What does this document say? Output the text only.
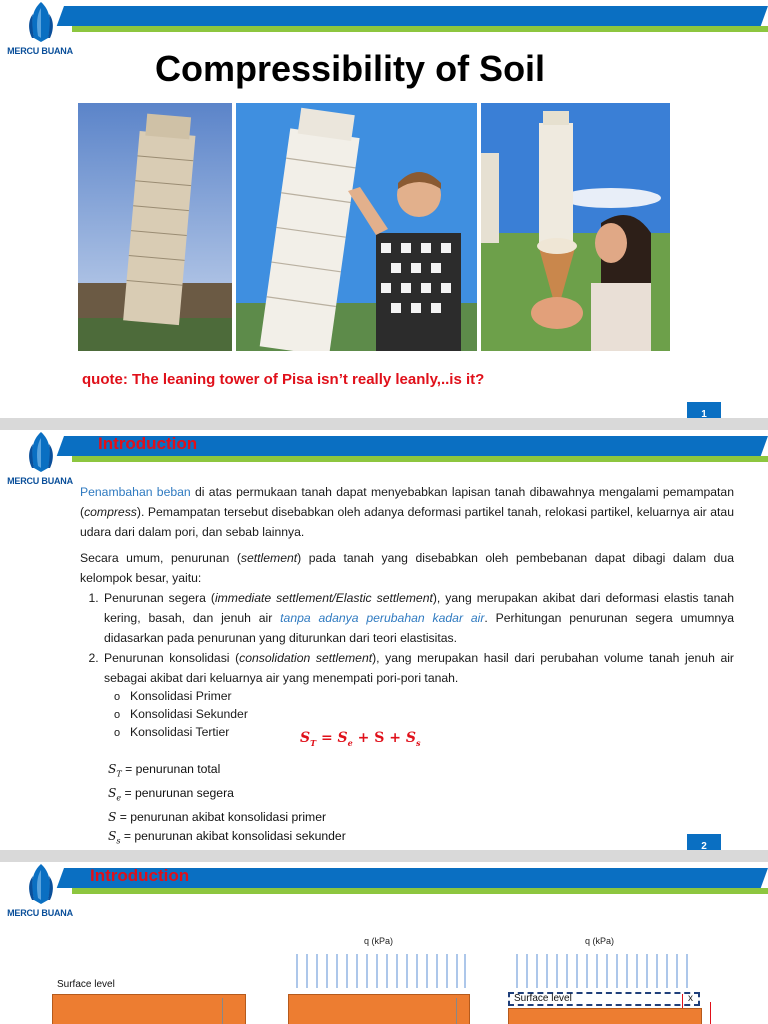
MERCU BUANA Compressibility of Soil
quote: The leaning tower of Pisa isn’t really leanly,..is it?
1
MERCU BUANA
Introduction

Penambahan beban di atas permukaan tanah dapat menyebabkan lapisan tanah dibawahnya mengalami pemampatan (compress). Pemampatan tersebut disebabkan oleh adanya deformasi partikel tanah, relokasi partikel, keluarnya air atau udara dari dalam pori, dan sebab lainnya.

Secara umum, penurunan (settlement) pada tanah yang disebabkan oleh pembebanan dapat dibagi dalam dua kelompok besar, yaitu:

1. Penurunan segera (immediate settlement/Elastic settlement), yang merupakan akibat dari deformasi elastis tanah kering, basah, dan jenuh air tanpa adanya perubahan kadar air. Perhitungan penurunan segera umumnya didasarkan pada penurunan yang diturunkan dari teori elastisitas.
2. Penurunan konsolidasi (consolidation settlement), yang merupakan hasil dari perubahan volume tanah jenuh air sebagai akibat dari keluarnya air yang menempati pori-pori tanah.
o Konsolidasi Primer
o Konsolidasi Sekunder
o Konsolidasi Tertier	$S_T = S_e + S + S_s$
$S_T$ = penurunan total
$S_e$ = penurunan segera
S = penurunan akibat konsolidasi primer
$S_s$ = penurunan akibat konsolidasi sekunder
2
MERCU BUANA
Introduction
Surface level
q (kPa)	q (kPa)
Surface level	x
